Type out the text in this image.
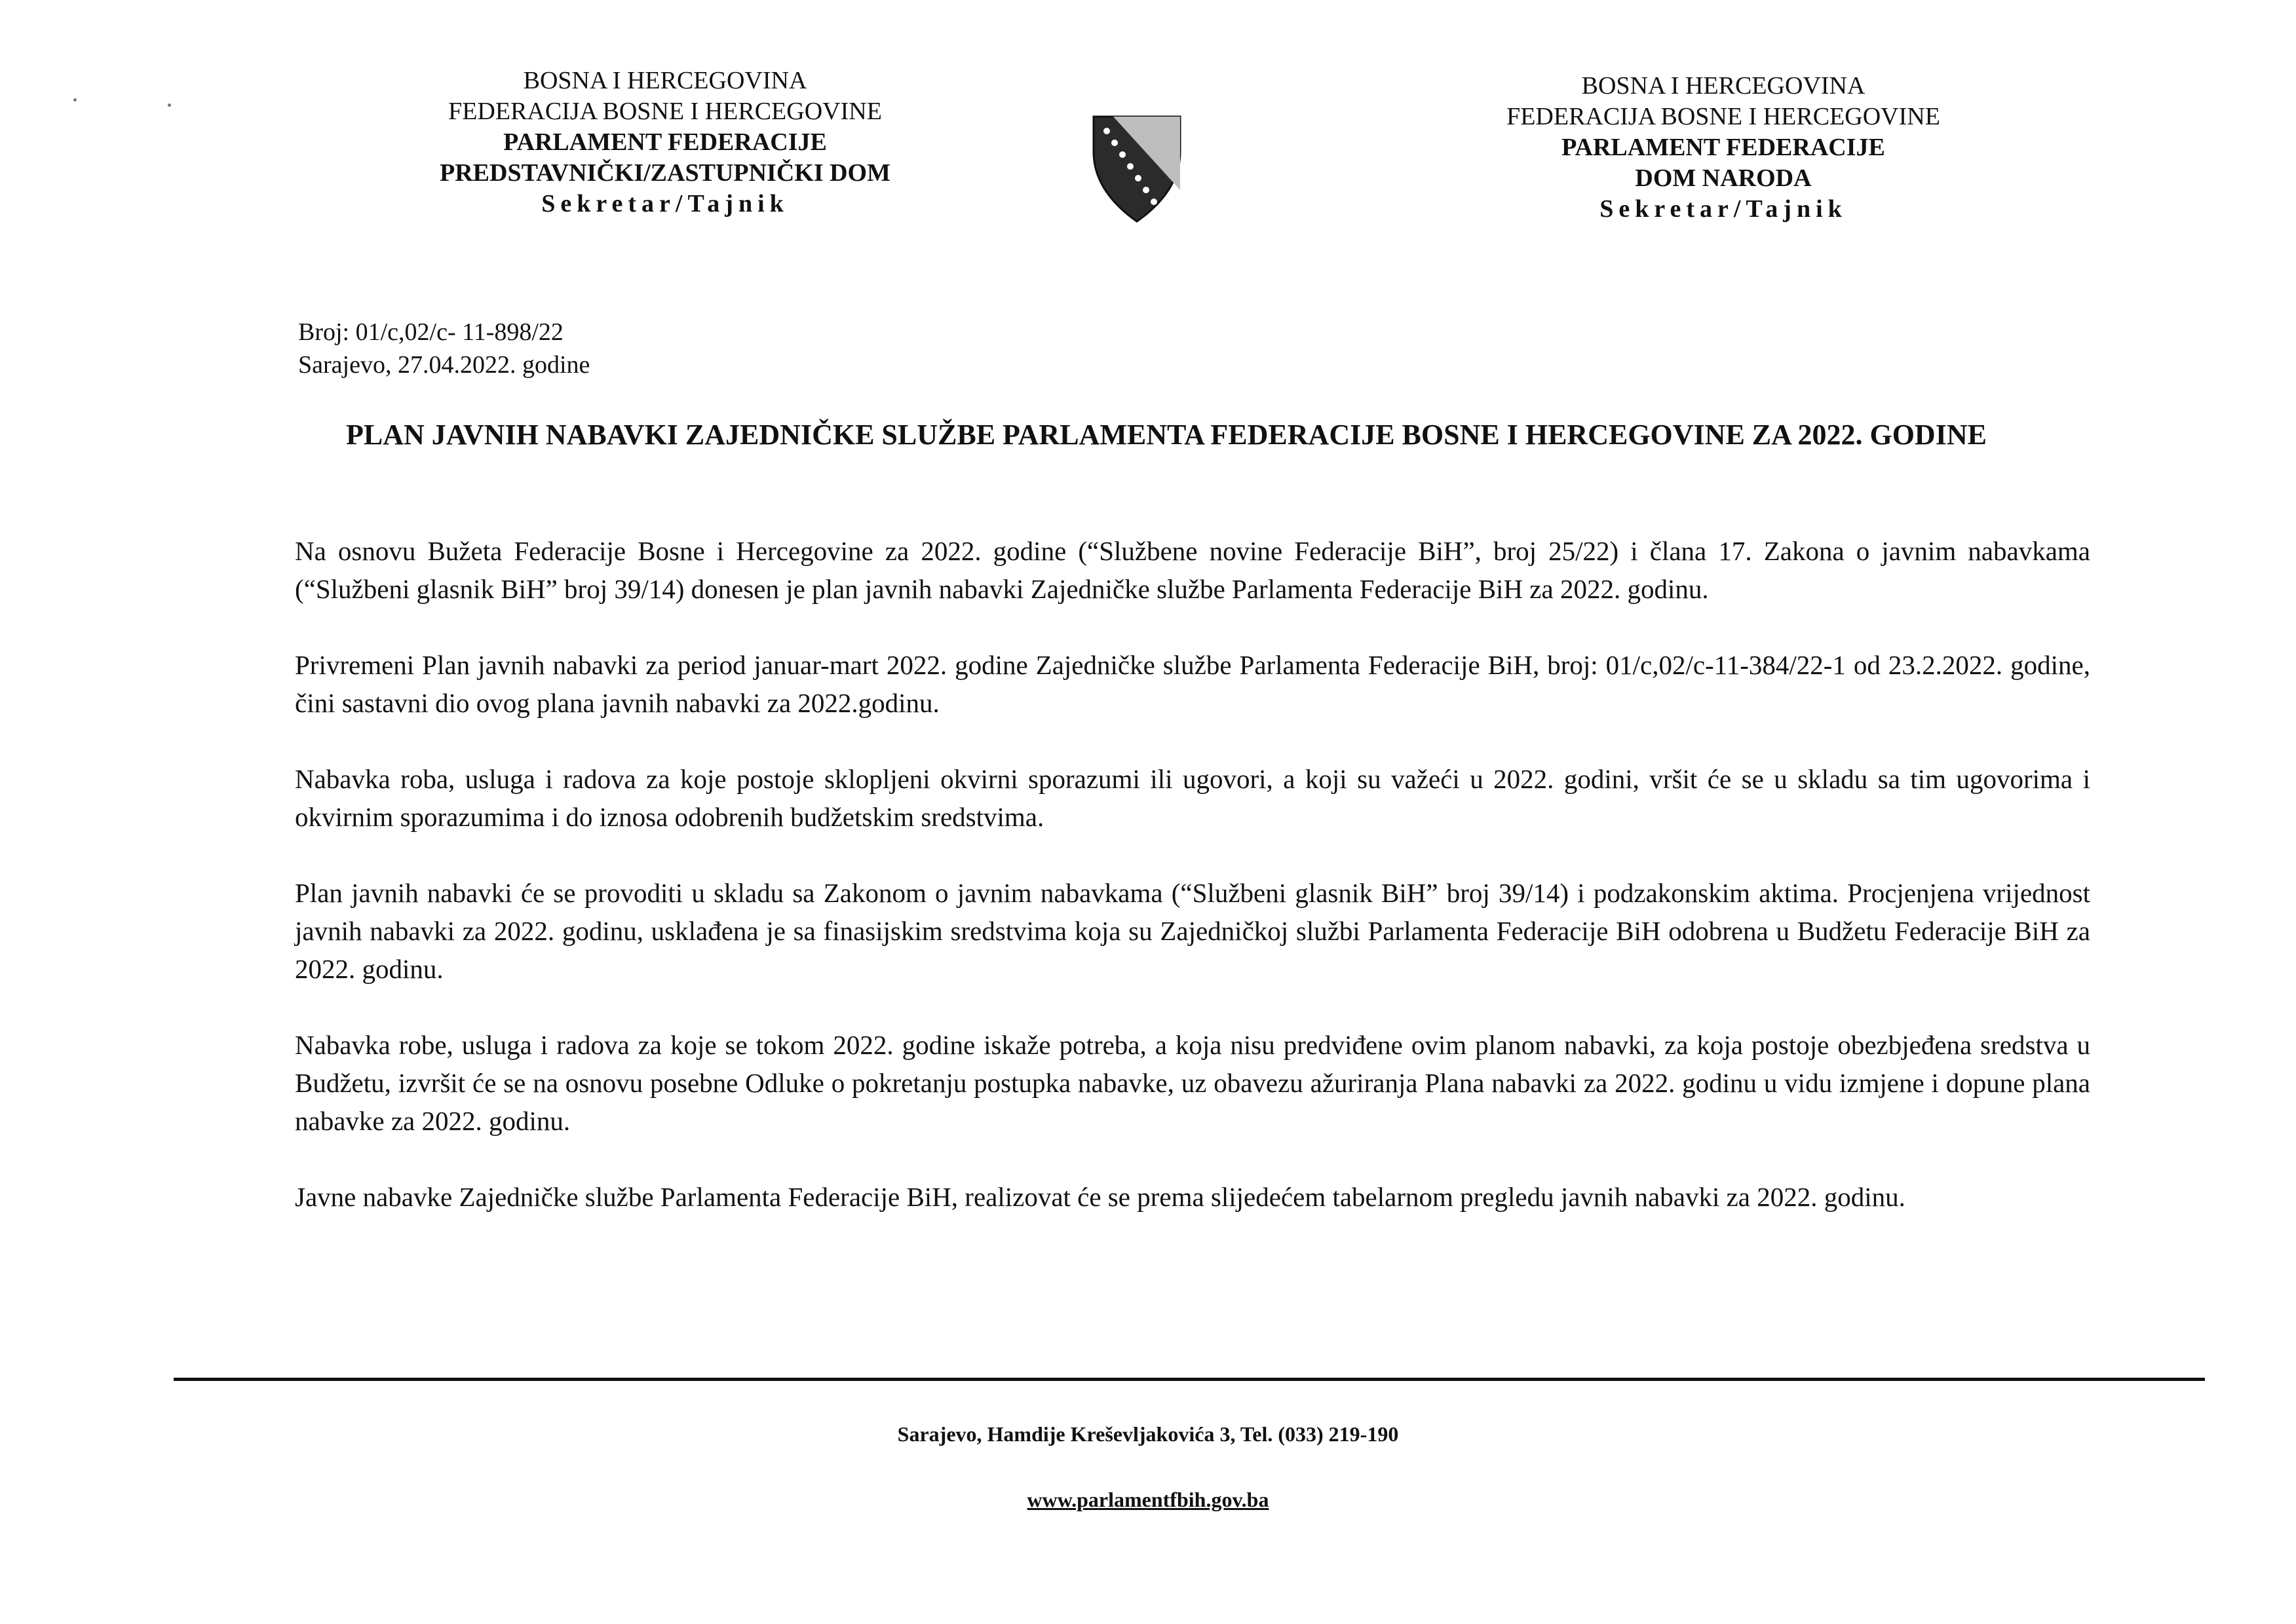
BOSNA I HERCEGOVINA
FEDERACIJA BOSNE I HERCEGOVINE
PARLAMENT FEDERACIJE
PREDSTAVNIČKI/ZASTUPNIČKI DOM
Sekretar/Tajnik
BOSNA I HERCEGOVINA
FEDERACIJA BOSNE I HERCEGOVINE
PARLAMENT FEDERACIJE
DOM NARODA
Sekretar/Tajnik
Broj: 01/c,02/c- 11-898/22
Sarajevo, 27.04.2022. godine
PLAN JAVNIH NABAVKI ZAJEDNIČKE SLUŽBE PARLAMENTA FEDERACIJE BOSNE I HERCEGOVINE ZA 2022. GODINE

Na osnovu Bužeta Federacije Bosne i Hercegovine za 2022. godine (“Službene novine Federacije BiH”, broj 25/22) i člana 17. Zakona o javnim nabavkama (“Službeni glasnik BiH” broj 39/14) donesen je plan javnih nabavki Zajedničke službe Parlamenta Federacije BiH za 2022. godinu.

Privremeni Plan javnih nabavki za period januar-mart 2022. godine Zajedničke službe Parlamenta Federacije BiH, broj: 01/c,02/c-11-384/22-1 od 23.2.2022. godine, čini sastavni dio ovog plana javnih nabavki za 2022.godinu.

Nabavka roba, usluga i radova za koje postoje sklopljeni okvirni sporazumi ili ugovori, a koji su važeći u 2022. godini, vršit će se u skladu sa tim ugovorima i okvirnim sporazumima i do iznosa odobrenih budžetskim sredstvima.

Plan javnih nabavki će se provoditi u skladu sa Zakonom o javnim nabavkama (“Službeni glasnik BiH” broj 39/14) i podzakonskim aktima. Procjenjena vrijednost javnih nabavki za 2022. godinu, usklađena je sa finasijskim sredstvima koja su Zajedničkoj službi Parlamenta Federacije BiH odobrena u Budžetu Federacije BiH za 2022. godinu.

Nabavka robe, usluga i radova za koje se tokom 2022. godine iskaže potreba, a koja nisu predviđene ovim planom nabavki, za koja postoje obezbjeđena sredstva u Budžetu, izvršit će se na osnovu posebne Odluke o pokretanju postupka nabavke, uz obavezu ažuriranja Plana nabavki za 2022. godinu u vidu izmjene i dopune plana nabavke za 2022. godinu.

Javne nabavke Zajedničke službe Parlamenta Federacije BiH, realizovat će se prema slijedećem tabelarnom pregledu javnih nabavki za 2022. godinu.

Sarajevo, Hamdije Kreševljakovića 3, Tel. (033) 219-190
www.parlamentfbih.gov.ba
